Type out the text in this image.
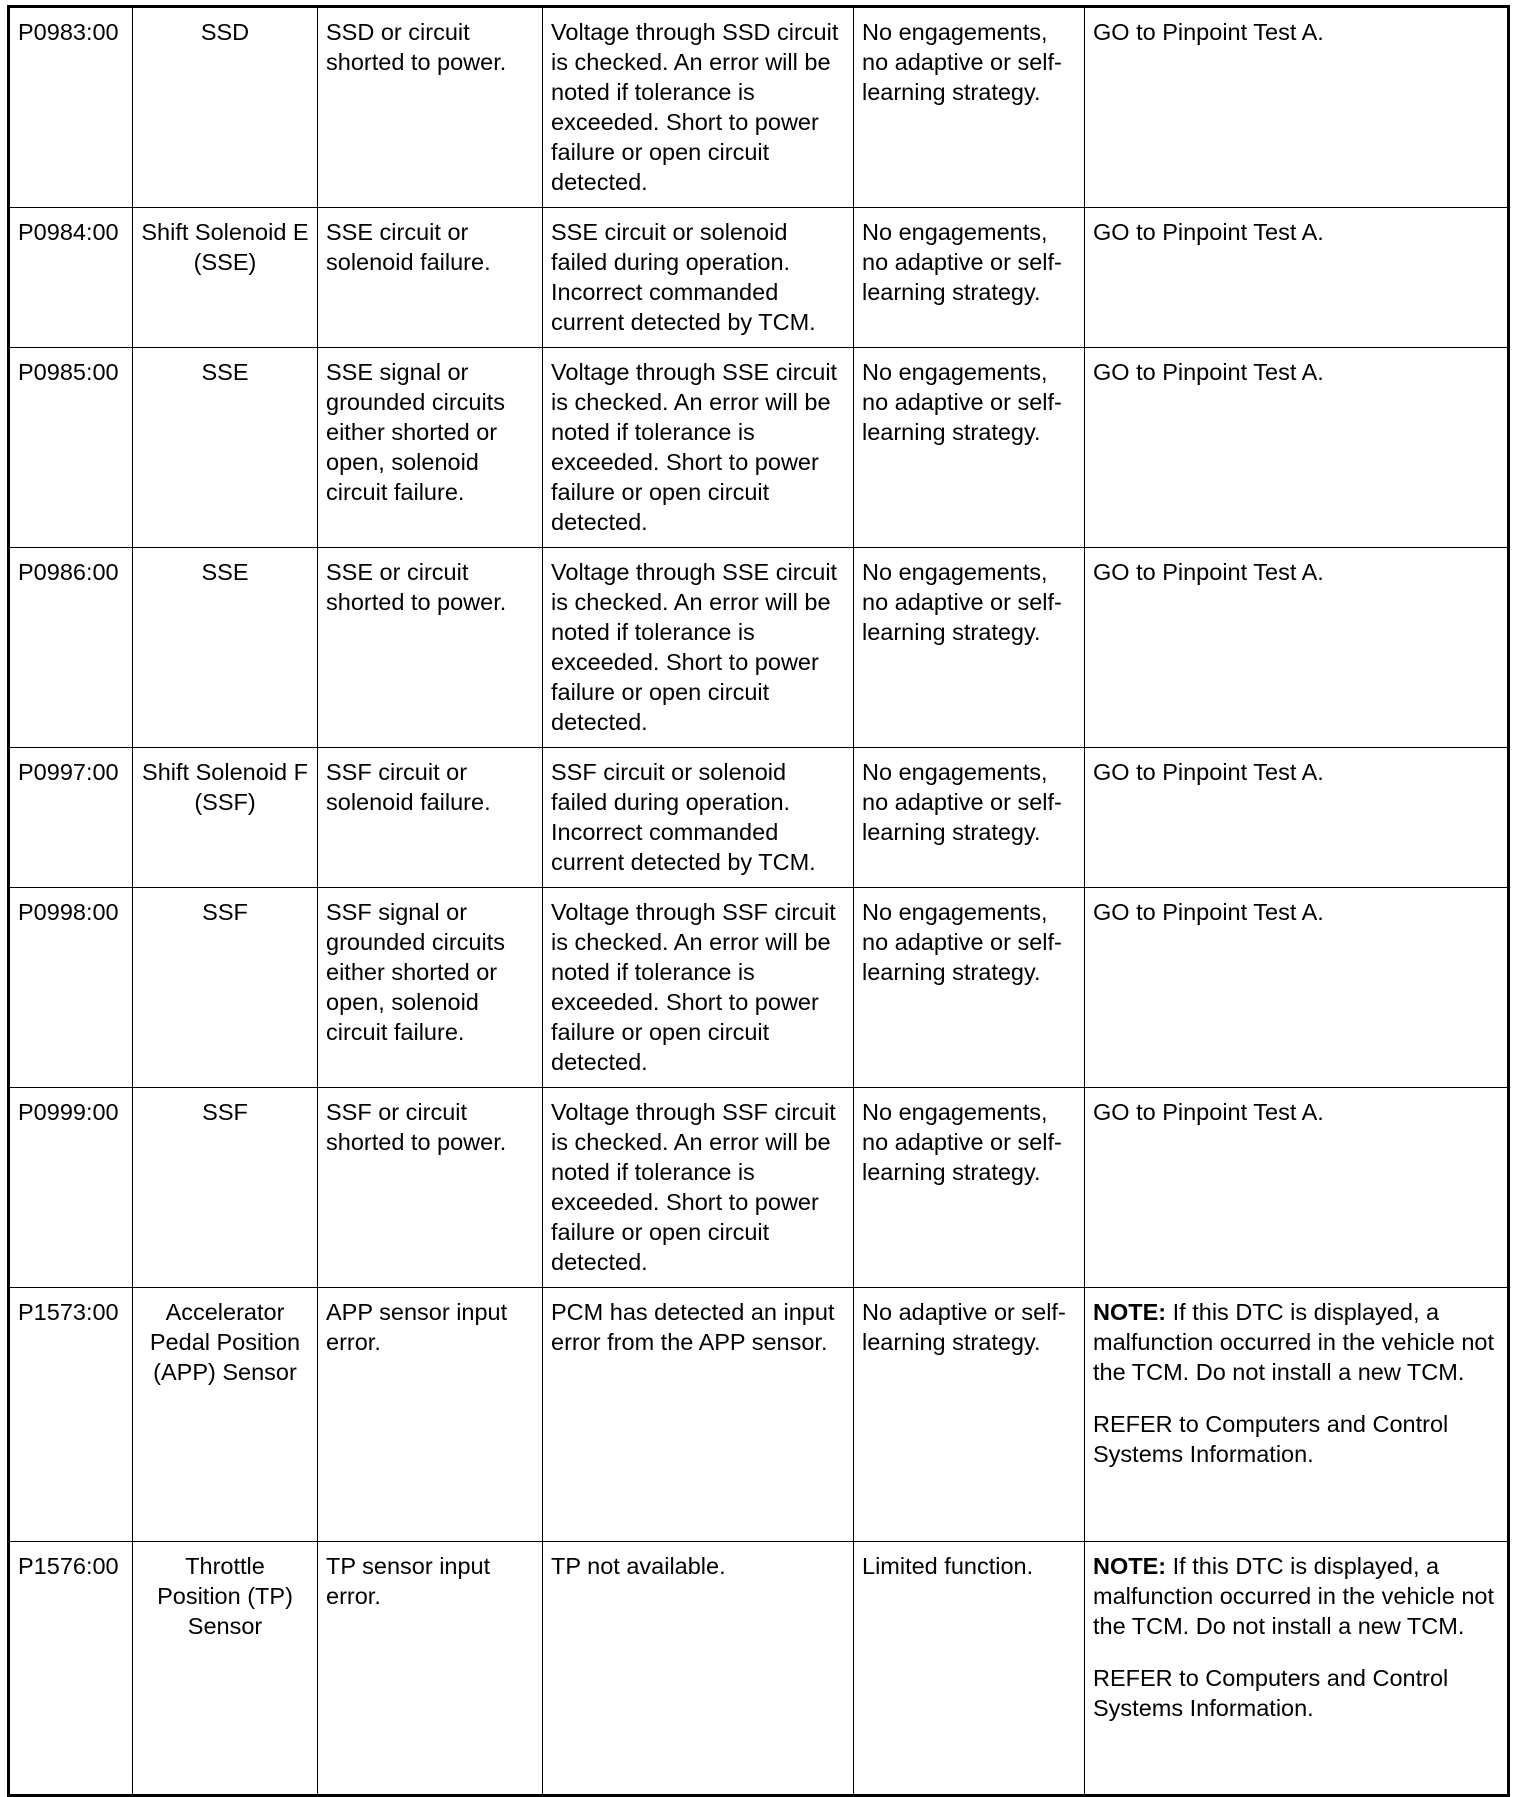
P0983:00	SSD	SSD or circuit shorted to power.	Voltage through SSD circuit is checked. An error will be noted if tolerance is exceeded. Short to power failure or open circuit detected.	No engagements, no adaptive or self-learning strategy.	GO to Pinpoint Test A.
P0984:00	Shift Solenoid E (SSE)	SSE circuit or solenoid failure.	SSE circuit or solenoid failed during operation. Incorrect commanded current detected by TCM.	No engagements, no adaptive or self-learning strategy.	GO to Pinpoint Test A.
P0985:00	SSE	SSE signal or grounded circuits either shorted or open, solenoid circuit failure.	Voltage through SSE circuit is checked. An error will be noted if tolerance is exceeded. Short to power failure or open circuit detected.	No engagements, no adaptive or self-learning strategy.	GO to Pinpoint Test A.
P0986:00	SSE	SSE or circuit shorted to power.	Voltage through SSE circuit is checked. An error will be noted if tolerance is exceeded. Short to power failure or open circuit detected.	No engagements, no adaptive or self-learning strategy.	GO to Pinpoint Test A.
P0997:00	Shift Solenoid F (SSF)	SSF circuit or solenoid failure.	SSF circuit or solenoid failed during operation. Incorrect commanded current detected by TCM.	No engagements, no adaptive or self-learning strategy.	GO to Pinpoint Test A.
P0998:00	SSF	SSF signal or grounded circuits either shorted or open, solenoid circuit failure.	Voltage through SSF circuit is checked. An error will be noted if tolerance is exceeded. Short to power failure or open circuit detected.	No engagements, no adaptive or self-learning strategy.	GO to Pinpoint Test A.
P0999:00	SSF	SSF or circuit shorted to power.	Voltage through SSF circuit is checked. An error will be noted if tolerance is exceeded. Short to power failure or open circuit detected.	No engagements, no adaptive or self-learning strategy.	GO to Pinpoint Test A.
P1573:00	Accelerator Pedal Position (APP) Sensor	APP sensor input error.	PCM has detected an input error from the APP sensor.	No adaptive or self-learning strategy.	NOTE: If this DTC is displayed, a malfunction occurred in the vehicle not the TCM. Do not install a new TCM.
REFER to Computers and Control Systems Information.

P1576:00	Throttle Position (TP) Sensor	TP sensor input error.	TP not available.	Limited function.	NOTE: If this DTC is displayed, a malfunction occurred in the vehicle not the TCM. Do not install a new TCM.
REFER to Computers and Control Systems Information.
